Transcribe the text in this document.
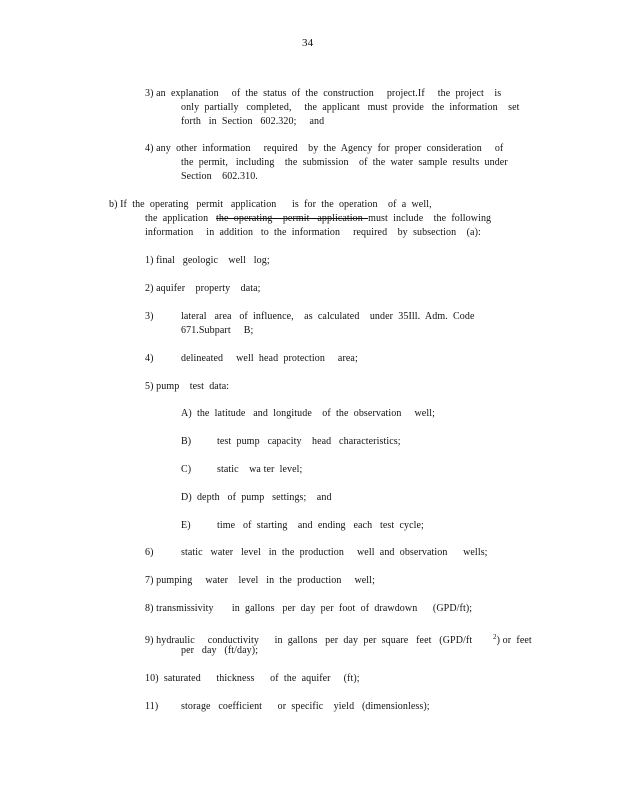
34
3) an  explanation     of  the  status  of  the  construction     project.If     the  project    is
only  partially   completed,     the  applicant   must  provide   the  information    set
forth   in  Section   602.320;     and
4) any  other  information     required    by  the  Agency  for  proper  consideration     of
the  permit,   including    the  submission    of  the  water  sample  results  under
Section    602.310.
b) If  the  operating   permit   application      is  for  the  operation    of  a  well,
the  application   the  operating    permit   application  must  include    the  following
information     in  addition   to  the  information     required    by  subsection    (a):
1) final   geologic    well   log;
2) aquifer    property    data;
3)	lateral   area   of  influence,    as  calculated    under  35Ill.  Adm.  Code
671.Subpart     B;
4)	delineated     well  head  protection     area;
5) pump    test  data:
A)  the  latitude   and  longitude    of  the  observation     well;
B)	test  pump   capacity    head   characteristics;
C)	static    wa ter  level;
D)  depth   of  pump   settings;    and
E)	time   of  starting    and  ending   each   test  cycle;
6)	static   water   level   in  the  production     well  and  observation      wells;
7) pumping     water    level   in  the  production     well;
8) transmissivity       in  gallons   per  day  per  foot  of  drawdown      (GPD/ft);
9) hydraulic     conductivity      in  gallons   per  day  per  square   feet   (GPD/ft	$^2$) or  feet
per   day   (ft/day);
10)  saturated      thickness      of  the  aquifer     (ft);
11) storage   coefficient      or  specific    yield   (dimensionless);
